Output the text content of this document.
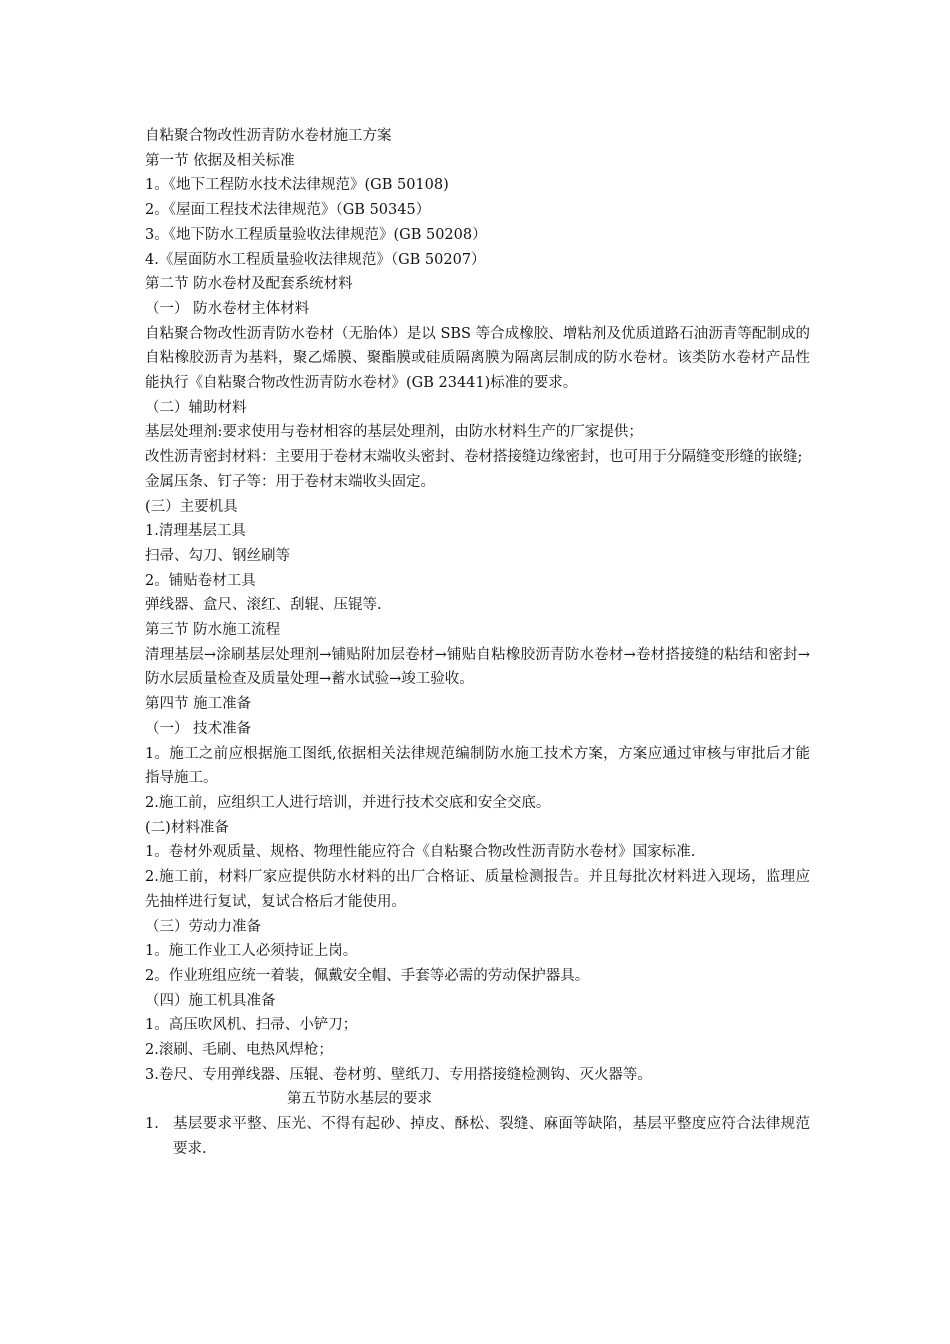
自粘聚合物改性沥青防水卷材施工方案
第一节 依据及相关标准
1。《地下工程防水技术法律规范》(GB 50108)
2。《屋面工程技术法律规范》（GB 50345）
3。《地下防水工程质量验收法律规范》(GB 50208）
4.《屋面防水工程质量验收法律规范》（GB 50207）
第二节 防水卷材及配套系统材料
（一） 防水卷材主体材料
自粘聚合物改性沥青防水卷材（无胎体）是以 SBS 等合成橡胶、增粘剂及优质道路石油沥青等配制成的自粘橡胶沥青为基料，聚乙烯膜、聚酯膜或硅质隔离膜为隔离层制成的防水卷材。该类防水卷材产品性能执行《自粘聚合物改性沥青防水卷材》(GB 23441)标准的要求。
（二）辅助材料
基层处理剂:要求使用与卷材相容的基层处理剂，由防水材料生产的厂家提供；
改性沥青密封材料：主要用于卷材末端收头密封、卷材搭接缝边缘密封，也可用于分隔缝变形缝的嵌缝;
金属压条、钉子等：用于卷材末端收头固定。
(三）主要机具
1.清理基层工具
扫帚、勾刀、钢丝刷等
2。铺贴卷材工具
弹线器、盒尺、滚红、刮辊、压锟等.
第三节 防水施工流程
清理基层→涂刷基层处理剂→铺贴附加层卷材→铺贴自粘橡胶沥青防水卷材→卷材搭接缝的粘结和密封→防水层质量检查及质量处理→蓄水试验→竣工验收。
第四节 施工准备
（一） 技术准备
1。施工之前应根据施工图纸,依据相关法律规范编制防水施工技术方案，方案应通过审核与审批后才能指导施工。
2.施工前，应组织工人进行培训，并进行技术交底和安全交底。
(二)材料准备
1。卷材外观质量、规格、物理性能应符合《自粘聚合物改性沥青防水卷材》国家标准.
2.施工前，材料厂家应提供防水材料的出厂合格证、质量检测报告。并且每批次材料进入现场，监理应先抽样进行复试，复试合格后才能使用。
（三）劳动力准备
1。施工作业工人必须持证上岗。
2。作业班组应统一着装，佩戴安全帽、手套等必需的劳动保护器具。
（四）施工机具准备
1。高压吹风机、扫帚、小铲刀；
2.滚刷、毛刷、电热风焊枪；
3.卷尺、专用弹线器、压辊、卷材剪、壁纸刀、专用搭接缝检测钩、灭火器等。
第五节防水基层的要求
1. 基层要求平整、压光、不得有起砂、掉皮、酥松、裂缝、麻面等缺陷，基层平整度应符合法律规范要求.
